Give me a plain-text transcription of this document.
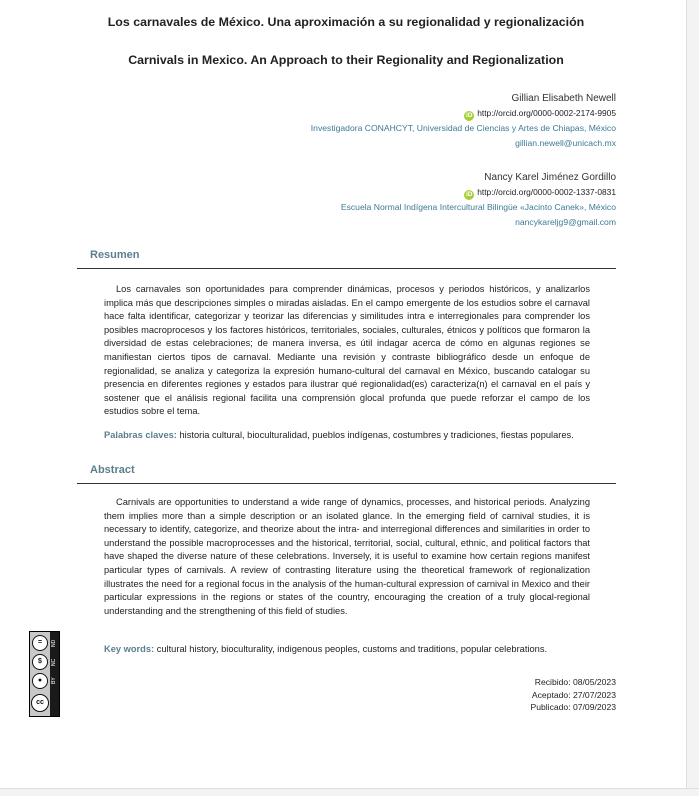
Los carnavales de México. Una aproximación a su regionalidad y regionalización
Carnivals in Mexico. An Approach to their Regionality and Regionalization
Gillian Elisabeth Newell
iD http://orcid.org/0000-0002-2174-9905
Investigadora CONAHCYT, Universidad de Ciencias y Artes de Chiapas, México
gillian.newell@unicach.mx
Nancy Karel Jiménez Gordillo
iD http://orcid.org/0000-0002-1337-0831
Escuela Normal Indígena Intercultural Bilingüe «Jacinto Canek», México
nancykareljg9@gmail.com
Resumen
Los carnavales son oportunidades para comprender dinámicas, procesos y periodos históricos, y analizarlos implica más que descripciones simples o miradas aisladas. En el campo emergente de los estudios sobre el carnaval hace falta identificar, categorizar y teorizar las diferencias y similitudes intra e interregionales para comprender los posibles macroprocesos y los factores históricos, territoriales, sociales, culturales, étnicos y políticos que formaron la diversidad de estas celebraciones; de manera inversa, es útil indagar acerca de cómo en algunas regiones se manifiestan ciertos tipos de carnaval. Mediante una revisión y contraste bibliográfico desde un enfoque de regionalidad, se analiza y categoriza la expresión humano-cultural del carnaval en México, buscando catalogar su presencia en diferentes regiones y estados para ilustrar qué regionalidad(es) caracteriza(n) el carnaval en el país y sostener que el análisis regional facilita una comprensión glocal profunda que puede reforzar el campo de los estudios sobre el tema.
Palabras claves: historia cultural, bioculturalidad, pueblos indígenas, costumbres y tradiciones, fiestas populares.
Abstract
Carnivals are opportunities to understand a wide range of dynamics, processes, and historical periods. Analyzing them implies more than a simple description or an isolated glance. In the emerging field of carnival studies, it is necessary to identify, categorize, and theorize about the intra- and interregional differences and similarities in order to understand the possible macroprocesses and the historical, territorial, social, cultural, ethnic, and political factors that have shaped the diverse nature of these celebrations. Inversely, it is useful to examine how certain regions manifest particular types of carnivals. A review of contrasting literature using the theoretical framework of regionalization illustrates the need for a regional focus in the analysis of the human-cultural expression of carnival in Mexico and their particular expressions in the regions or states of the country, encouraging the creation of a truly glocal-regional understanding and the strengthening of this field of studies.
Key words: cultural history, bioculturality, indigenous peoples, customs and traditions, popular celebrations.
Recibido: 08/05/2023
Aceptado: 27/07/2023
Publicado: 07/09/2023
=
$
●
cc
ND
NC
BY
